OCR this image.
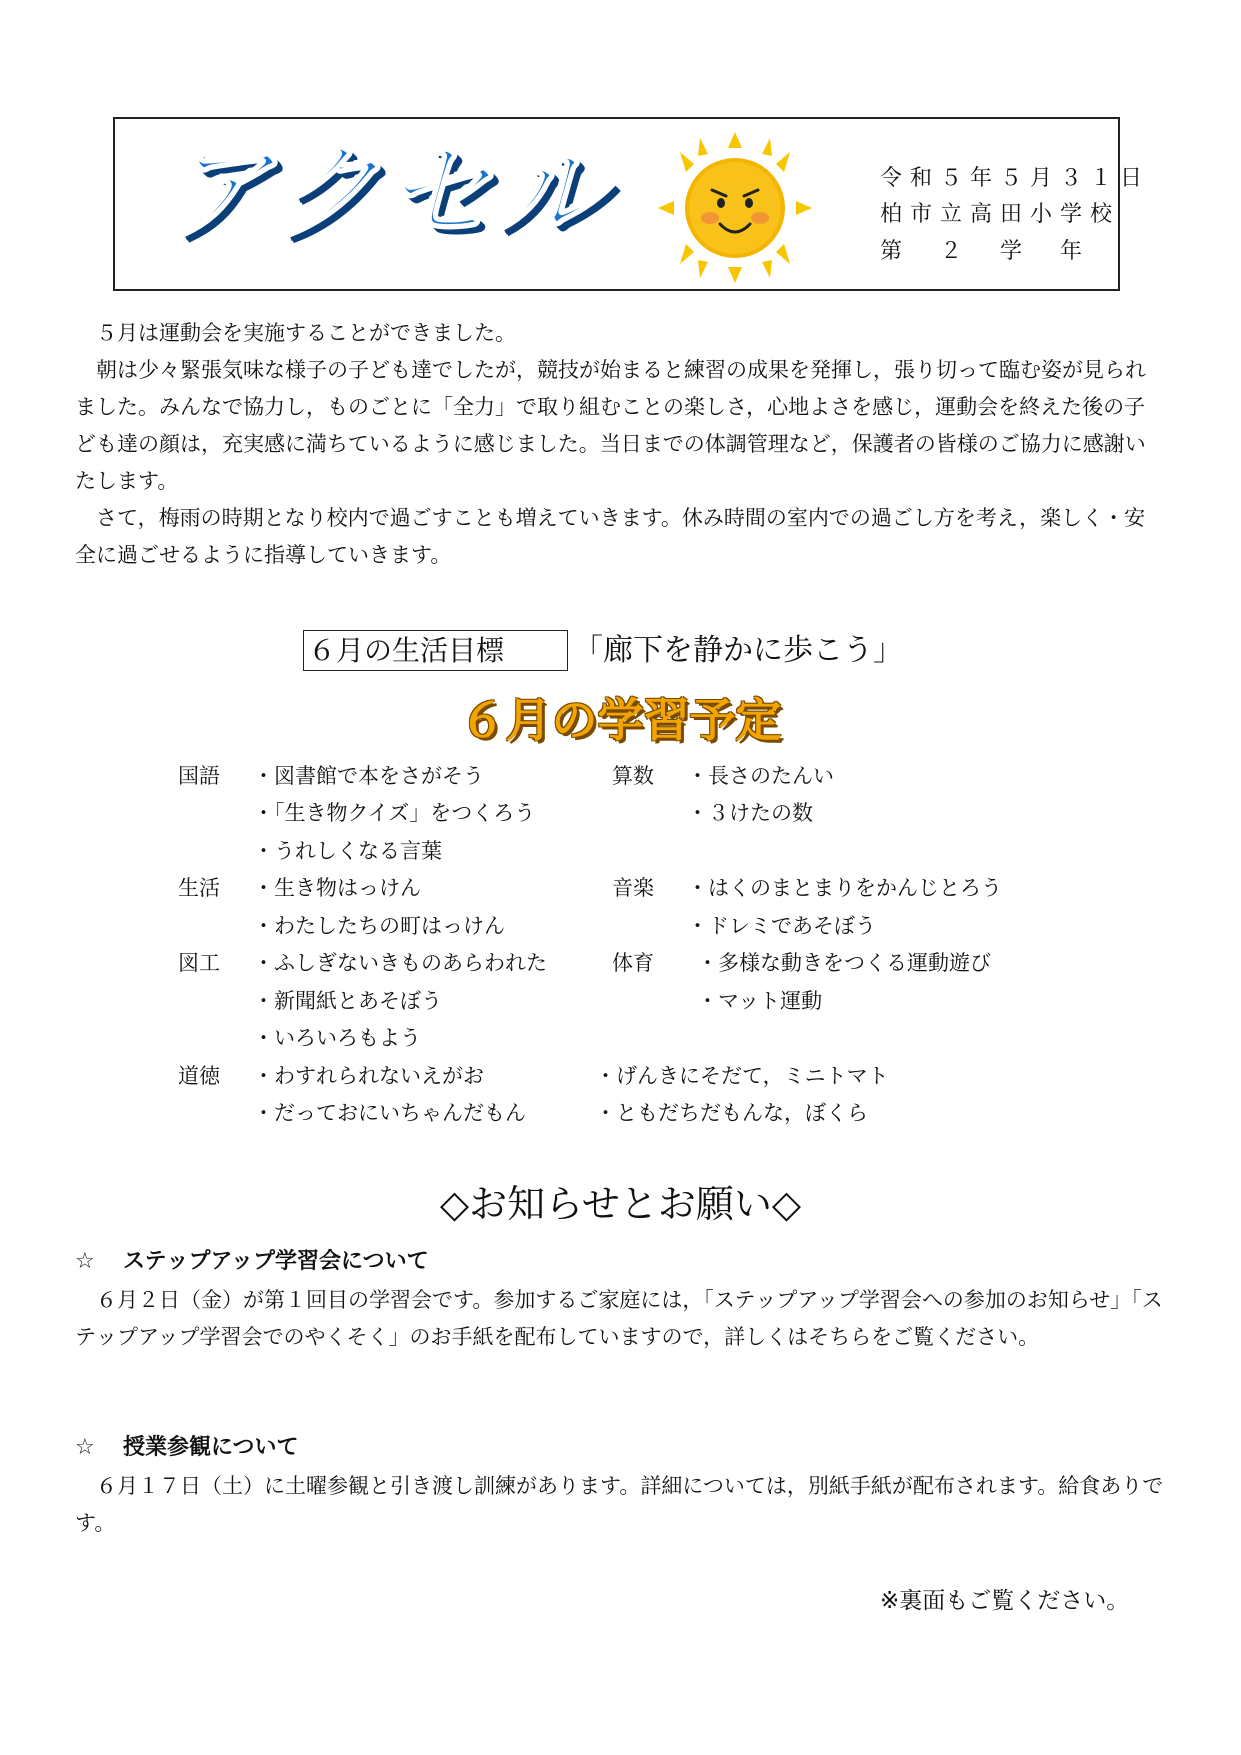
アクセル	令和５年５月３１日
柏市立高田小学校
第　２　学　年

５月は運動会を実施することができました。

朝は少々緊張気味な様子の子ども達でしたが，競技が始まると練習の成果を発揮し，張り切って臨む姿が見られました。みんなで協力し，ものごとに「全力」で取り組むことの楽しさ，心地よさを感じ，運動会を終えた後の子ども達の顔は，充実感に満ちているように感じました。当日までの体調管理など，保護者の皆様のご協力に感謝いたします。

さて，梅雨の時期となり校内で過ごすことも増えていきます。休み時間の室内での過ごし方を考え，楽しく・安全に過ごせるように指導していきます。

６月の生活目標	「廊下を静かに歩こう」
６月の学習予定
国語 ・図書館で本をさがそう
・「生き物クイズ」をつくろう
・うれしくなる言葉
生活 ・生き物はっけん
・わたしたちの町はっけん
図工 ・ふしぎないきものあらわれた
・新聞紙とあそぼう
・いろいろもよう
道徳 ・わすれられないえがお
・だっておにいちゃんだもん
・げんきにそだて，ミニトマト
・ともだちだもんな，ぼくら
算数 ・長さのたんい
・３けたの数
音楽 ・はくのまとまりをかんじとろう
・ドレミであそぼう
体育 ・多様な動きをつくる運動遊び
・マット運動
◇お知らせとお願い◇
☆ ステップアップ学習会について

６月２日（金）が第１回目の学習会です。参加するご家庭には，「ステップアップ学習会への参加のお知らせ」「ステップアップ学習会でのやくそく」のお手紙を配布していますので，詳しくはそちらをご覧ください。

☆ 授業参観について

６月１７日（土）に土曜参観と引き渡し訓練があります。詳細については，別紙手紙が配布されます。給食ありです。

※裏面もご覧ください。
